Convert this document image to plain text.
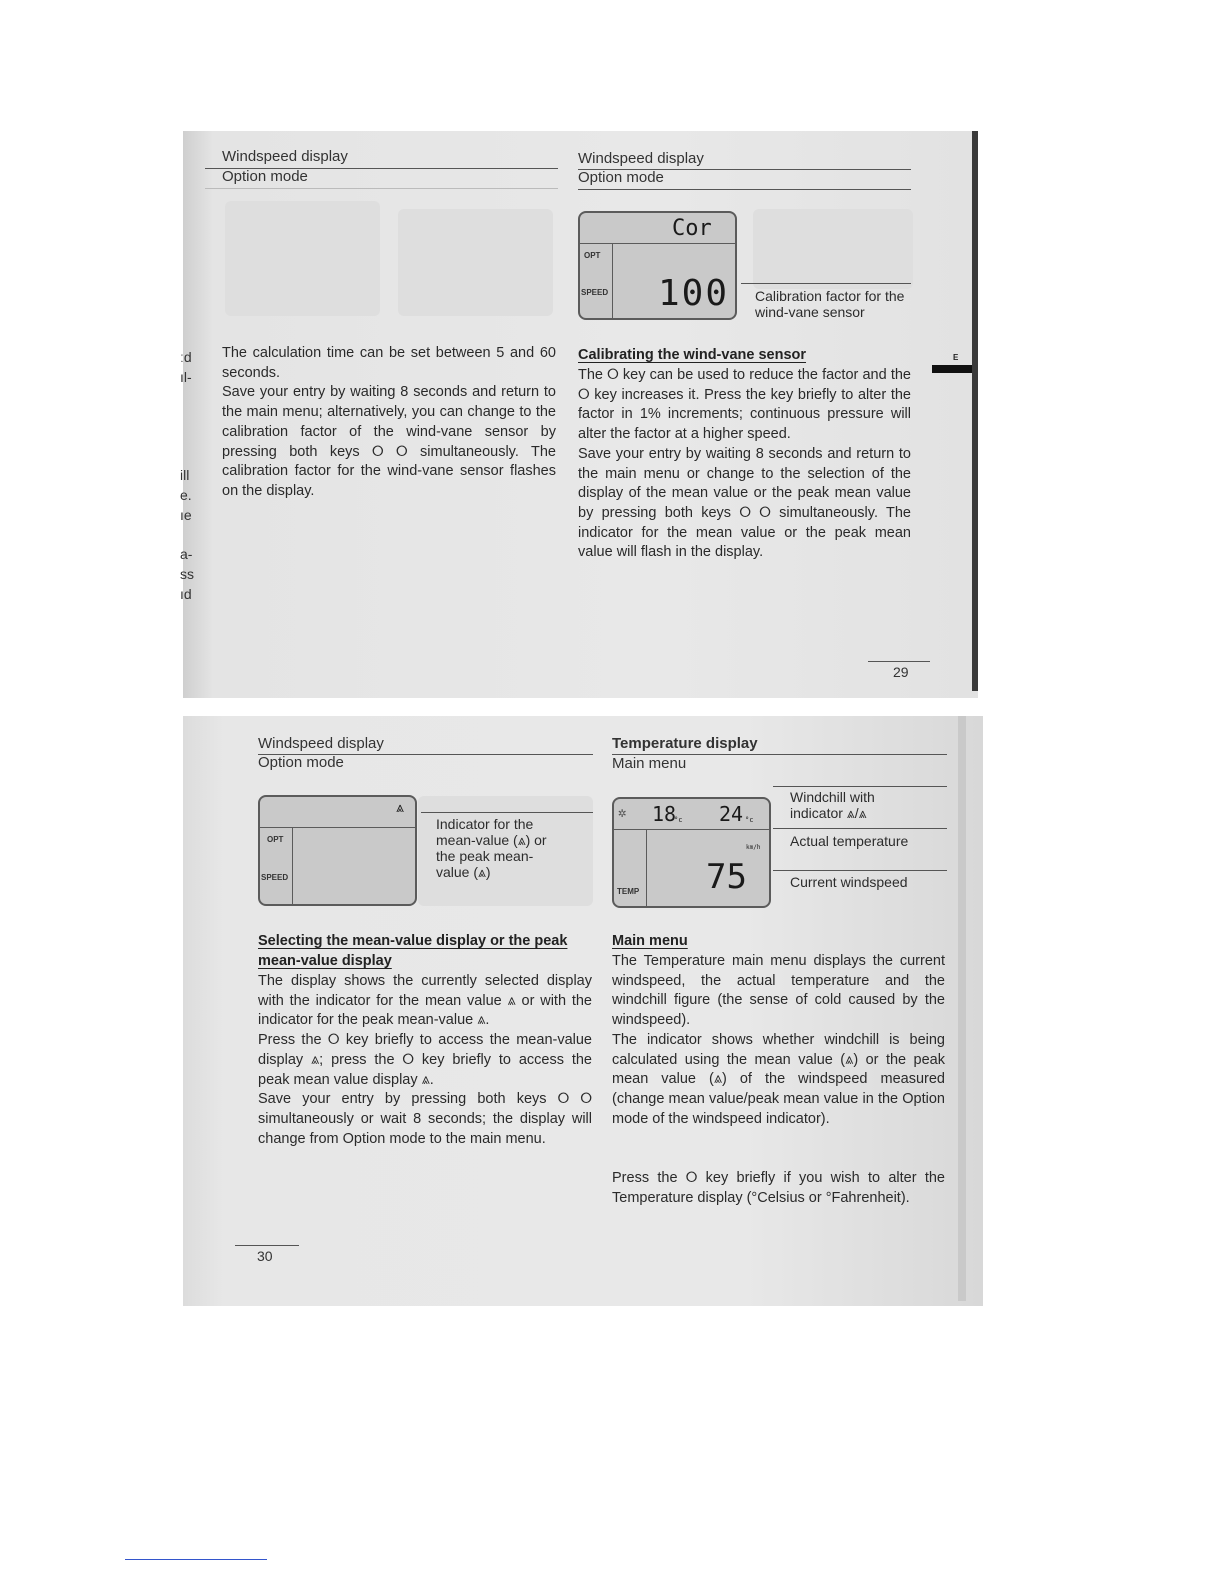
Windspeed display
Option mode
The calculation time can be set between 5 and 60 seconds.
Save your entry by waiting 8 seconds and return to the main menu; alternatively, you can change to the calibration factor of the wind-vane sensor by pressing both keys ⭘ ⭘ simultaneously. The calibration factor for the wind-vane sensor flashes on the display.
Windspeed display
Option mode
Cor
OPT
SPEED 100 Calibration factor for the wind-vane sensor
Calibrating the wind-vane sensor
The ⭘ key can be used to reduce the factor and the ⭘ key increases it. Press the key briefly to alter the factor in 1% increments; continuous pressure will alter the factor at a higher speed.
Save your entry by waiting 8 seconds and return to the main menu or change to the selection of the display of the mean value or the peak mean value by pressing both keys ⭘ ⭘ simultaneously. The indicator for the mean value or the peak mean value will flash in the display.
E
29
ːd
ıl-
ill
e.
ıe
a-
ss
ıd
Windspeed display
Option mode
⩓
OPT
SPEED
Indicator for the mean-value (⩓) or the peak mean-value (⩓)
Selecting the mean-value display or the peak mean-value display
The display shows the currently selected display with the indicator for the mean value ⩓ or with the indicator for the peak mean-value ⩓.
Press the ⭘ key briefly to access the mean-value display ⩓; press the ⭘ key briefly to access the peak mean value display ⩓.
Save your entry by pressing both keys ⭘ ⭘ simultaneously or wait 8 seconds; the display will change from Option mode to the main menu.
30
Temperature display
Main menu
✲ 18
°c 24 °c
km/h
75
TEMP
Windchill with indicator ⩓/⩓
Actual temperature
Current windspeed
Main menu
The Temperature main menu displays the current windspeed, the actual temperature and the windchill figure (the sense of cold caused by the windspeed).
The indicator shows whether windchill is being calculated using the mean value (⩓) or the peak mean value (⩓) of the windspeed measured (change mean value/peak mean value in the Option mode of the windspeed indicator).
Press the ⭘ key briefly if you wish to alter the Temperature display (°Celsius or °Fahrenheit).
